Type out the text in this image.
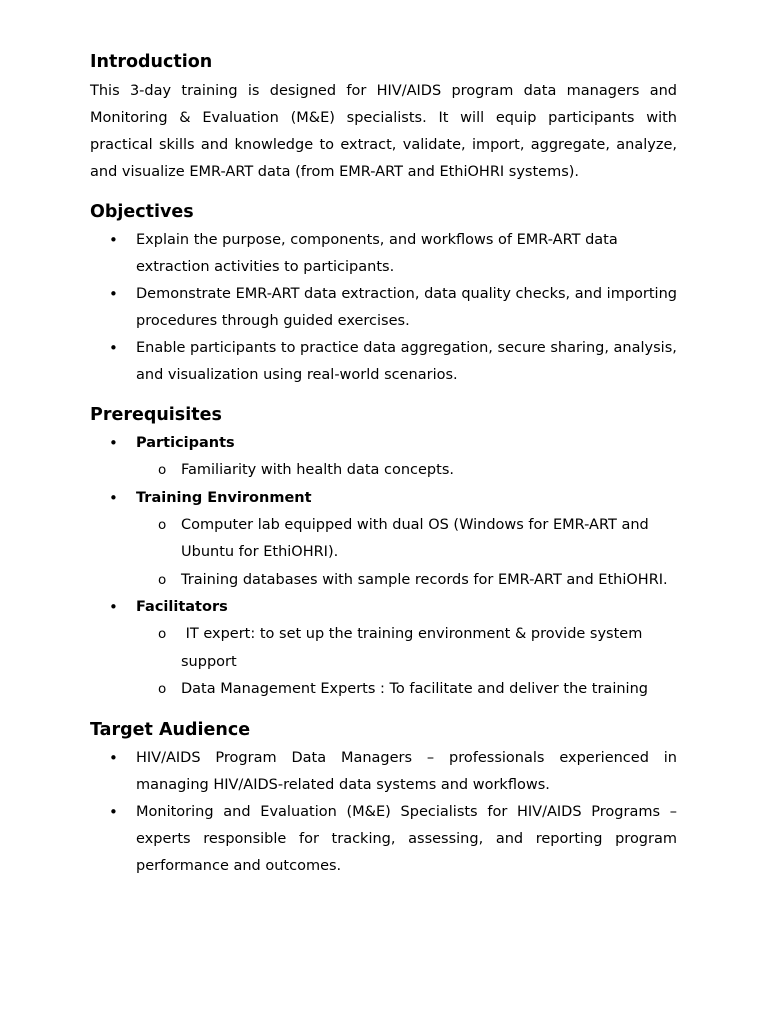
Introduction

This 3-day training is designed for HIV/AIDS program data managers and Monitoring & Evaluation (M&E) specialists. It will equip participants with practical skills and knowledge to extract, validate, import, aggregate, analyze, and visualize EMR-ART data (from EMR-ART and EthiOHRI systems).

Objectives
• Explain the purpose, components, and workflows of EMR-ART data extraction activities to participants.
• Demonstrate EMR-ART data extraction, data quality checks, and importing procedures through guided exercises.
• Enable participants to practice data aggregation, secure sharing, analysis, and visualization using real-world scenarios.
Prerequisites
• Participants
o Familiarity with health data concepts.
• Training Environment
o Computer lab equipped with dual OS (Windows for EMR-ART and Ubuntu for EthiOHRI).
o Training databases with sample records for EMR-ART and EthiOHRI.
• Facilitators
o  IT expert: to set up the training environment & provide system support
o Data Management Experts : To facilitate and deliver the training
Target Audience
• HIV/AIDS Program Data Managers – professionals experienced in managing HIV/AIDS-related data systems and workflows.
• Monitoring and Evaluation (M&E) Specialists for HIV/AIDS Programs – experts responsible for tracking, assessing, and reporting program performance and outcomes.
